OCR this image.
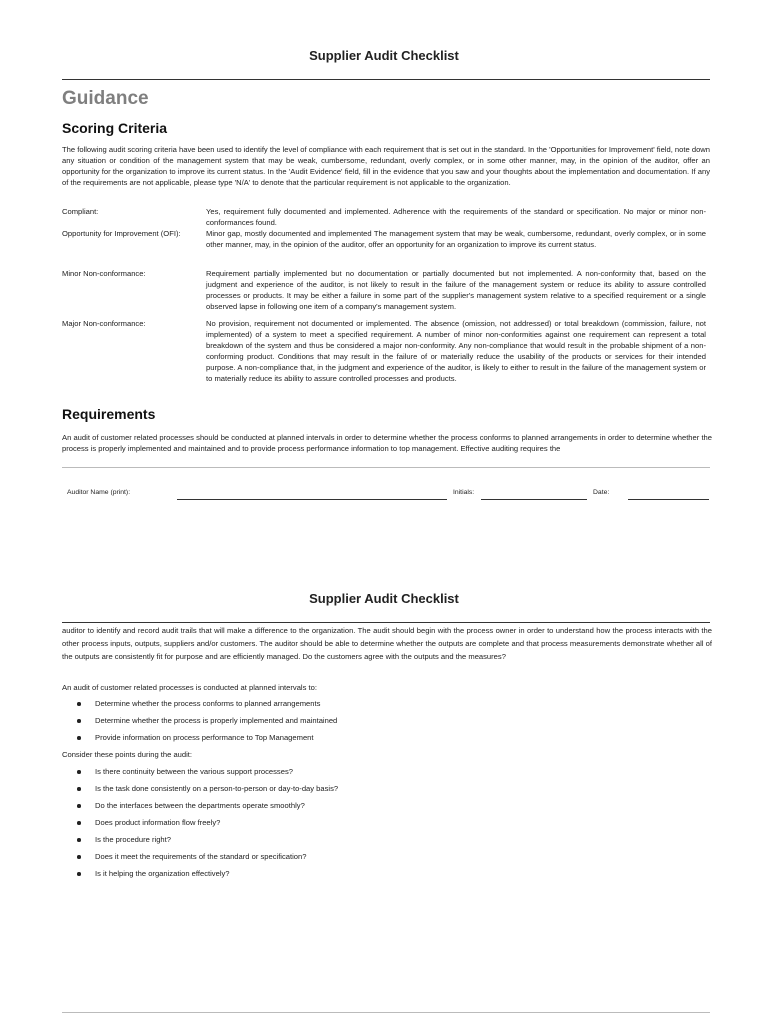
Supplier Audit Checklist
Guidance
Scoring Criteria
The following audit scoring criteria have been used to identify the level of compliance with each requirement that is set out in the standard. In the 'Opportunities for Improvement' field, note down any situation or condition of the management system that may be weak, cumbersome, redundant, overly complex, or in some other manner, may, in the opinion of the auditor, offer an opportunity for the organization to improve its current status. In the 'Audit Evidence' field, fill in the evidence that you saw and your thoughts about the implementation and documentation. If any of the requirements are not applicable, please type 'N/A' to denote that the particular requirement is not applicable to the organization.
Compliant:	Yes, requirement fully documented and implemented. Adherence with the requirements of the standard or specification. No major or minor non-conformances found.
Opportunity for Improvement (OFI):	Minor gap, mostly documented and implemented The management system that may be weak, cumbersome, redundant, overly complex, or in some other manner, may, in the opinion of the auditor, offer an opportunity for an organization to improve its current status.
Minor Non-conformance:	Requirement partially implemented but no documentation or partially documented but not implemented. A non-conformity that, based on the judgment and experience of the auditor, is not likely to result in the failure of the management system or reduce its ability to assure controlled processes or products. It may be either a failure in some part of the supplier's management system relative to a specified requirement or a single observed lapse in following one item of a company's management system.
Major Non-conformance:	No provision, requirement not documented or implemented. The absence (omission, not addressed) or total breakdown (commission, failure, not implemented) of a system to meet a specified requirement. A number of minor non-conformities against one requirement can represent a total breakdown of the system and thus be considered a major non-conformity. Any non-compliance that would result in the probable shipment of a non-conforming product. Conditions that may result in the failure of or materially reduce the usability of the products or services for their intended purpose. A non-compliance that, in the judgment and experience of the auditor, is likely to either to result in the failure of the management system or to materially reduce its ability to assure controlled processes and products.
Requirements
An audit of customer related processes should be conducted at planned intervals in order to determine whether the process conforms to planned arrangements in order to determine whether the process is properly implemented and maintained and to provide process performance information to top management. Effective auditing requires the
Auditor Name (print):	Initials:	Date:
Supplier Audit Checklist
auditor to identify and record audit trails that will make a difference to the organization. The audit should begin with the process owner in order to understand how the process interacts with the other process inputs, outputs, suppliers and/or customers. The auditor should be able to determine whether the outputs are complete and that process measurements demonstrate whether all of the outputs are consistently fit for purpose and are efficiently managed. Do the customers agree with the outputs and the measures?
An audit of customer related processes is conducted at planned intervals to:
Determine whether the process conforms to planned arrangements
Determine whether the process is properly implemented and maintained
Provide information on process performance to Top Management
Consider these points during the audit:
Is there continuity between the various support processes?
Is the task done consistently on a person-to-person or day-to-day basis?
Do the interfaces between the departments operate smoothly?
Does product information flow freely?
Is the procedure right?
Does it meet the requirements of the standard or specification?
Is it helping the organization effectively?
